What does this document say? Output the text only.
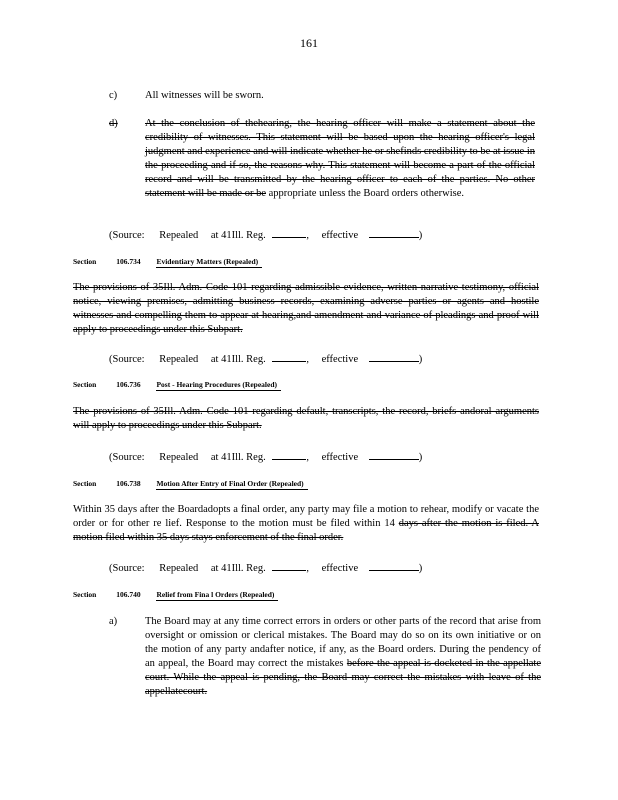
161
c)	All witnesses will be sworn.
d)	At the conclusion of thehearing, the hearing officer will make a statement about the credibility of witnesses. This statement will be based upon the hearing officer's legal judgment and experience and will indicate whether he or shefinds credibility to be at issue in the proceeding and if so, the reasons why. This statement will become a part of the official record and will be transmitted by the hearing officer to each of the parties. No other statement will be made or be appropriate unless the Board orders otherwise.
(Source: Repealed at 41Ill. Reg.	, effective	)
Section	106.734 Evidentiary Matters (Repealed)
The provisions of 35Ill. Adm. Code 101 regarding admissible evidence, written narrative testimony, official notice, viewing premises, admitting business records, examining adverse parties or agents and hostile witnesses and compelling them to appear at hearing,and amendment and variance of pleadings and proof will apply to proceedings under this Subpart.
(Source: Repealed at 41Ill. Reg.	, effective	)
Section	106.736 Post - Hearing Procedures (Repealed)
The provisions of 35Ill. Adm. Code 101 regarding default, transcripts, the record, briefs andoral arguments will apply to proceedings under this Subpart.
(Source: Repealed at 41Ill. Reg.	, effective	)
Section	106.738 Motion After Entry of Final Order (Repealed)
Within 35 days after the Boardadopts a final order, any party may file a motion to rehear, modify or vacate the order or for other re lief. Response to the motion must be filed within 14 days after the motion is filed. A motion filed within 35 days stays enforcement of the final order.
(Source: Repealed at 41Ill. Reg.	, effective	)
Section	106.740 Relief from Fina l Orders (Repealed)
a)	The Board may at any time correct errors in orders or other parts of the record that arise from oversight or omission or clerical mistakes. The Board may do so on its own initiative or on the motion of any party andafter notice, if any, as the Board orders. During the pendency of an appeal, the Board may correct the mistakes before the appeal is docketed in the appellate court. While the appeal is pending, the Board may correct the mistakes with leave of the appellatecourt.
